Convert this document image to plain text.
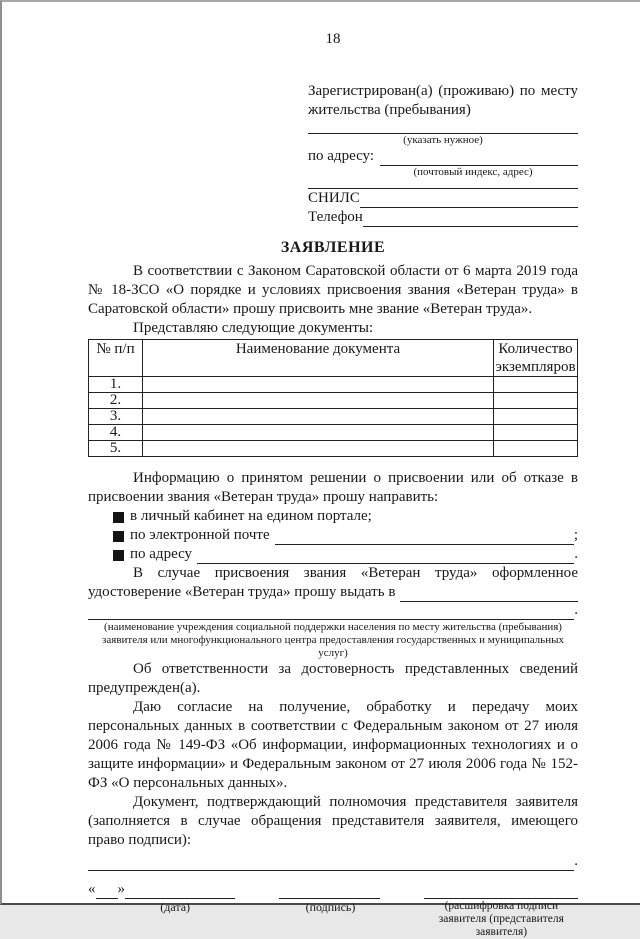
18
Зарегистрирован(а) (проживаю) по месту жительства (пребывания)
(указать нужное)
по адресу:
(почтовый индекс, адрес)
СНИЛС
Телефон
ЗАЯВЛЕНИЕ
В соответствии с Законом Саратовской области от 6 марта 2019 года № 18-ЗСО «О порядке и условиях присвоения звания «Ветеран труда» в Саратовской области» прошу присвоить мне звание «Ветеран труда».
Представляю следующие документы:
№ п/п	Наименование документа	Количество экземпляров
1.		
2.		
3.		
4.		
5.		
Информацию о принятом решении о присвоении или об отказе в присвоении звания «Ветеран труда» прошу направить:
в личный кабинет на едином портале;
по электронной почте	;
по адресу	.
В случае присвоения звания «Ветеран труда» оформленное
удостоверение «Ветеран труда» прошу выдать в
.
(наименование учреждения социальной поддержки населения по месту жительства (пребывания) заявителя или многофункционального центра предоставления государственных и муниципальных услуг)
Об ответственности за достоверность представленных сведений предупрежден(а).
Даю согласие на получение, обработку и передачу моих персональных данных в соответствии с Федеральным законом от 27 июля 2006 года № 149-ФЗ «Об информации, информационных технологиях и о защите информации» и Федеральным законом от 27 июля 2006 года № 152-ФЗ «О персональных данных».
Документ, подтверждающий полномочия представителя заявителя (заполняется в случае обращения представителя заявителя, имеющего право подписи):
.
« »
(дата)	(подпись)	(расшифровка подписи заявителя (представителя заявителя)
